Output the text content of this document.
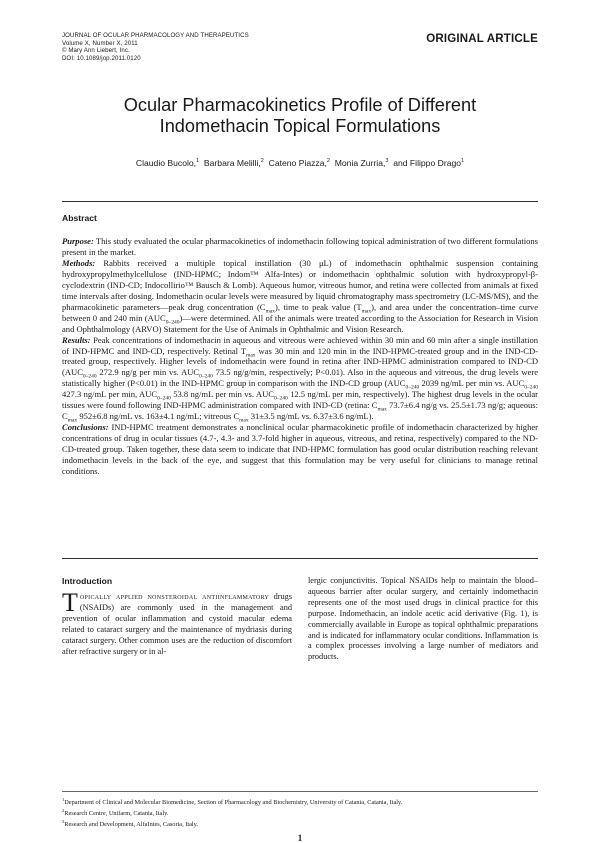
JOURNAL OF OCULAR PHARMACOLOGY AND THERAPEUTICS
Volume X, Number X, 2011
© Mary Ann Liebert, Inc.
DOI: 10.1089/jop.2011.0120
ORIGINAL ARTICLE
Ocular Pharmacokinetics Profile of Different
Indomethacin Topical Formulations
Claudio Bucolo,$^1$ Barbara Melilli,$^2$ Cateno Piazza,$^2$ Monia Zurria,$^3$ and Filippo Drago$^1$
Abstract

Purpose: This study evaluated the ocular pharmacokinetics of indomethacin following topical administration of two different formulations present in the market.

Methods: Rabbits received a multiple topical instillation (30 μL) of indomethacin ophthalmic suspension containing hydroxypropylmethylcellulose (IND-HPMC; Indom™ Alfa-Intes) or indomethacin ophthalmic solution with hydroxypropyl-β-cyclodextrin (IND-CD; Indocollirio™ Bausch & Lomb). Aqueous humor, vitreous humor, and retina were collected from animals at fixed time intervals after dosing. Indomethacin ocular levels were measured by liquid chromatography mass spectrometry (LC-MS/MS), and the pharmacokinetic parameters—peak drug concentration $(C_{max})$, time to peak value $(T_{max})$, and area under the concentration–time curve between 0 and 240 $\min (AUC_{0-240})—were$ determined. All of the animals were treated according to the Association for Research in Vision and Ophthalmology (ARVO) Statement for the Use of Animals in Ophthalmic and Vision Research.

Results: Peak concentrations of indomethacin in aqueous and vitreous were achieved within 30 min and 60 min after a single instillation of IND-HPMC and IND-CD, respectively. Retinal $T_{max}$ was 30 min and 120 min in the IND-HPMC-treated group and in the IND-CD-treated group, respectively. Higher levels of indomethacin were found in retina after IND-HPMC administration compared to IND-CD ($AUC_{0-240}$ 272.9 ng/g per min vs. $AUC_{0-240}$ 73.5 ng/g/min, respectively; P<0.01). Also in the aqueous and vitreous, the drug levels were statistically higher (P<0.01) in the IND-HPMC group in comparison with the IND-CD group ($AUC_{0-240}$ 2039 ng/mL per min vs. $AUC_{0-240}$ 427.3 ng/mL per min, $AUC_{0-240}$ 53.8 ng/mL per min vs. $AUC_{0-240}$ 12.5 ng/mL per min, respectively). The highest drug levels in the ocular tissues were found following IND-HPMC administration compared with IND-CD (retina: $C_{max}$ 73.7±6.4 ng/g vs. 25.5±1.73 ng/g; aqueous: $C_{max}$ 952±6.8 ng/mL vs. 163±4.1 ng/mL; vitreous $C_{max}$ 31±3.5 ng/mL vs. 6.37±3.6 ng/mL).

Conclusions: IND-HPMC treatment demonstrates a nonclinical ocular pharmacokinetic profile of indomethacin characterized by higher concentrations of drug in ocular tissues (4.7-, 4.3- and 3.7-fold higher in aqueous, vitreous, and retina, respectively) compared to the ND-CD-treated group. Taken together, these data seem to indicate that IND-HPMC formulation has good ocular distribution reaching relevant indomethacin levels in the back of the eye, and suggest that this formulation may be very useful for clinicians to manage retinal conditions.

Introduction

Topically applied nonsteroidal antiinflammatory drugs (NSAIDs) are commonly used in the management and prevention of ocular inflammation and cystoid macular edema related to cataract surgery and the maintenance of mydriasis during cataract surgery. Other common uses are the reduction of discomfort after refractive surgery or in al-

lergic conjunctivitis. Topical NSAIDs help to maintain the blood–aqueous barrier after ocular surgery, and certainly indomethacin represents one of the most used drugs in clinical practice for this purpose. Indomethacin, an indole acetic acid derivative (Fig. 1), is commercially available in Europe as topical ophthalmic preparations and is indicated for inflammatory ocular conditions. Inflammation is a complex processes involving a large number of mediators and products.

$^1$Department of Clinical and Molecular Biomedicine, Section of Pharmacology and Biochemistry, University of Catania, Catania, Italy.
$^2$Research Centre, Unifarm, Catania, Italy.
$^3$Research and Development, AlfaIntes, Casoria, Italy.
1
